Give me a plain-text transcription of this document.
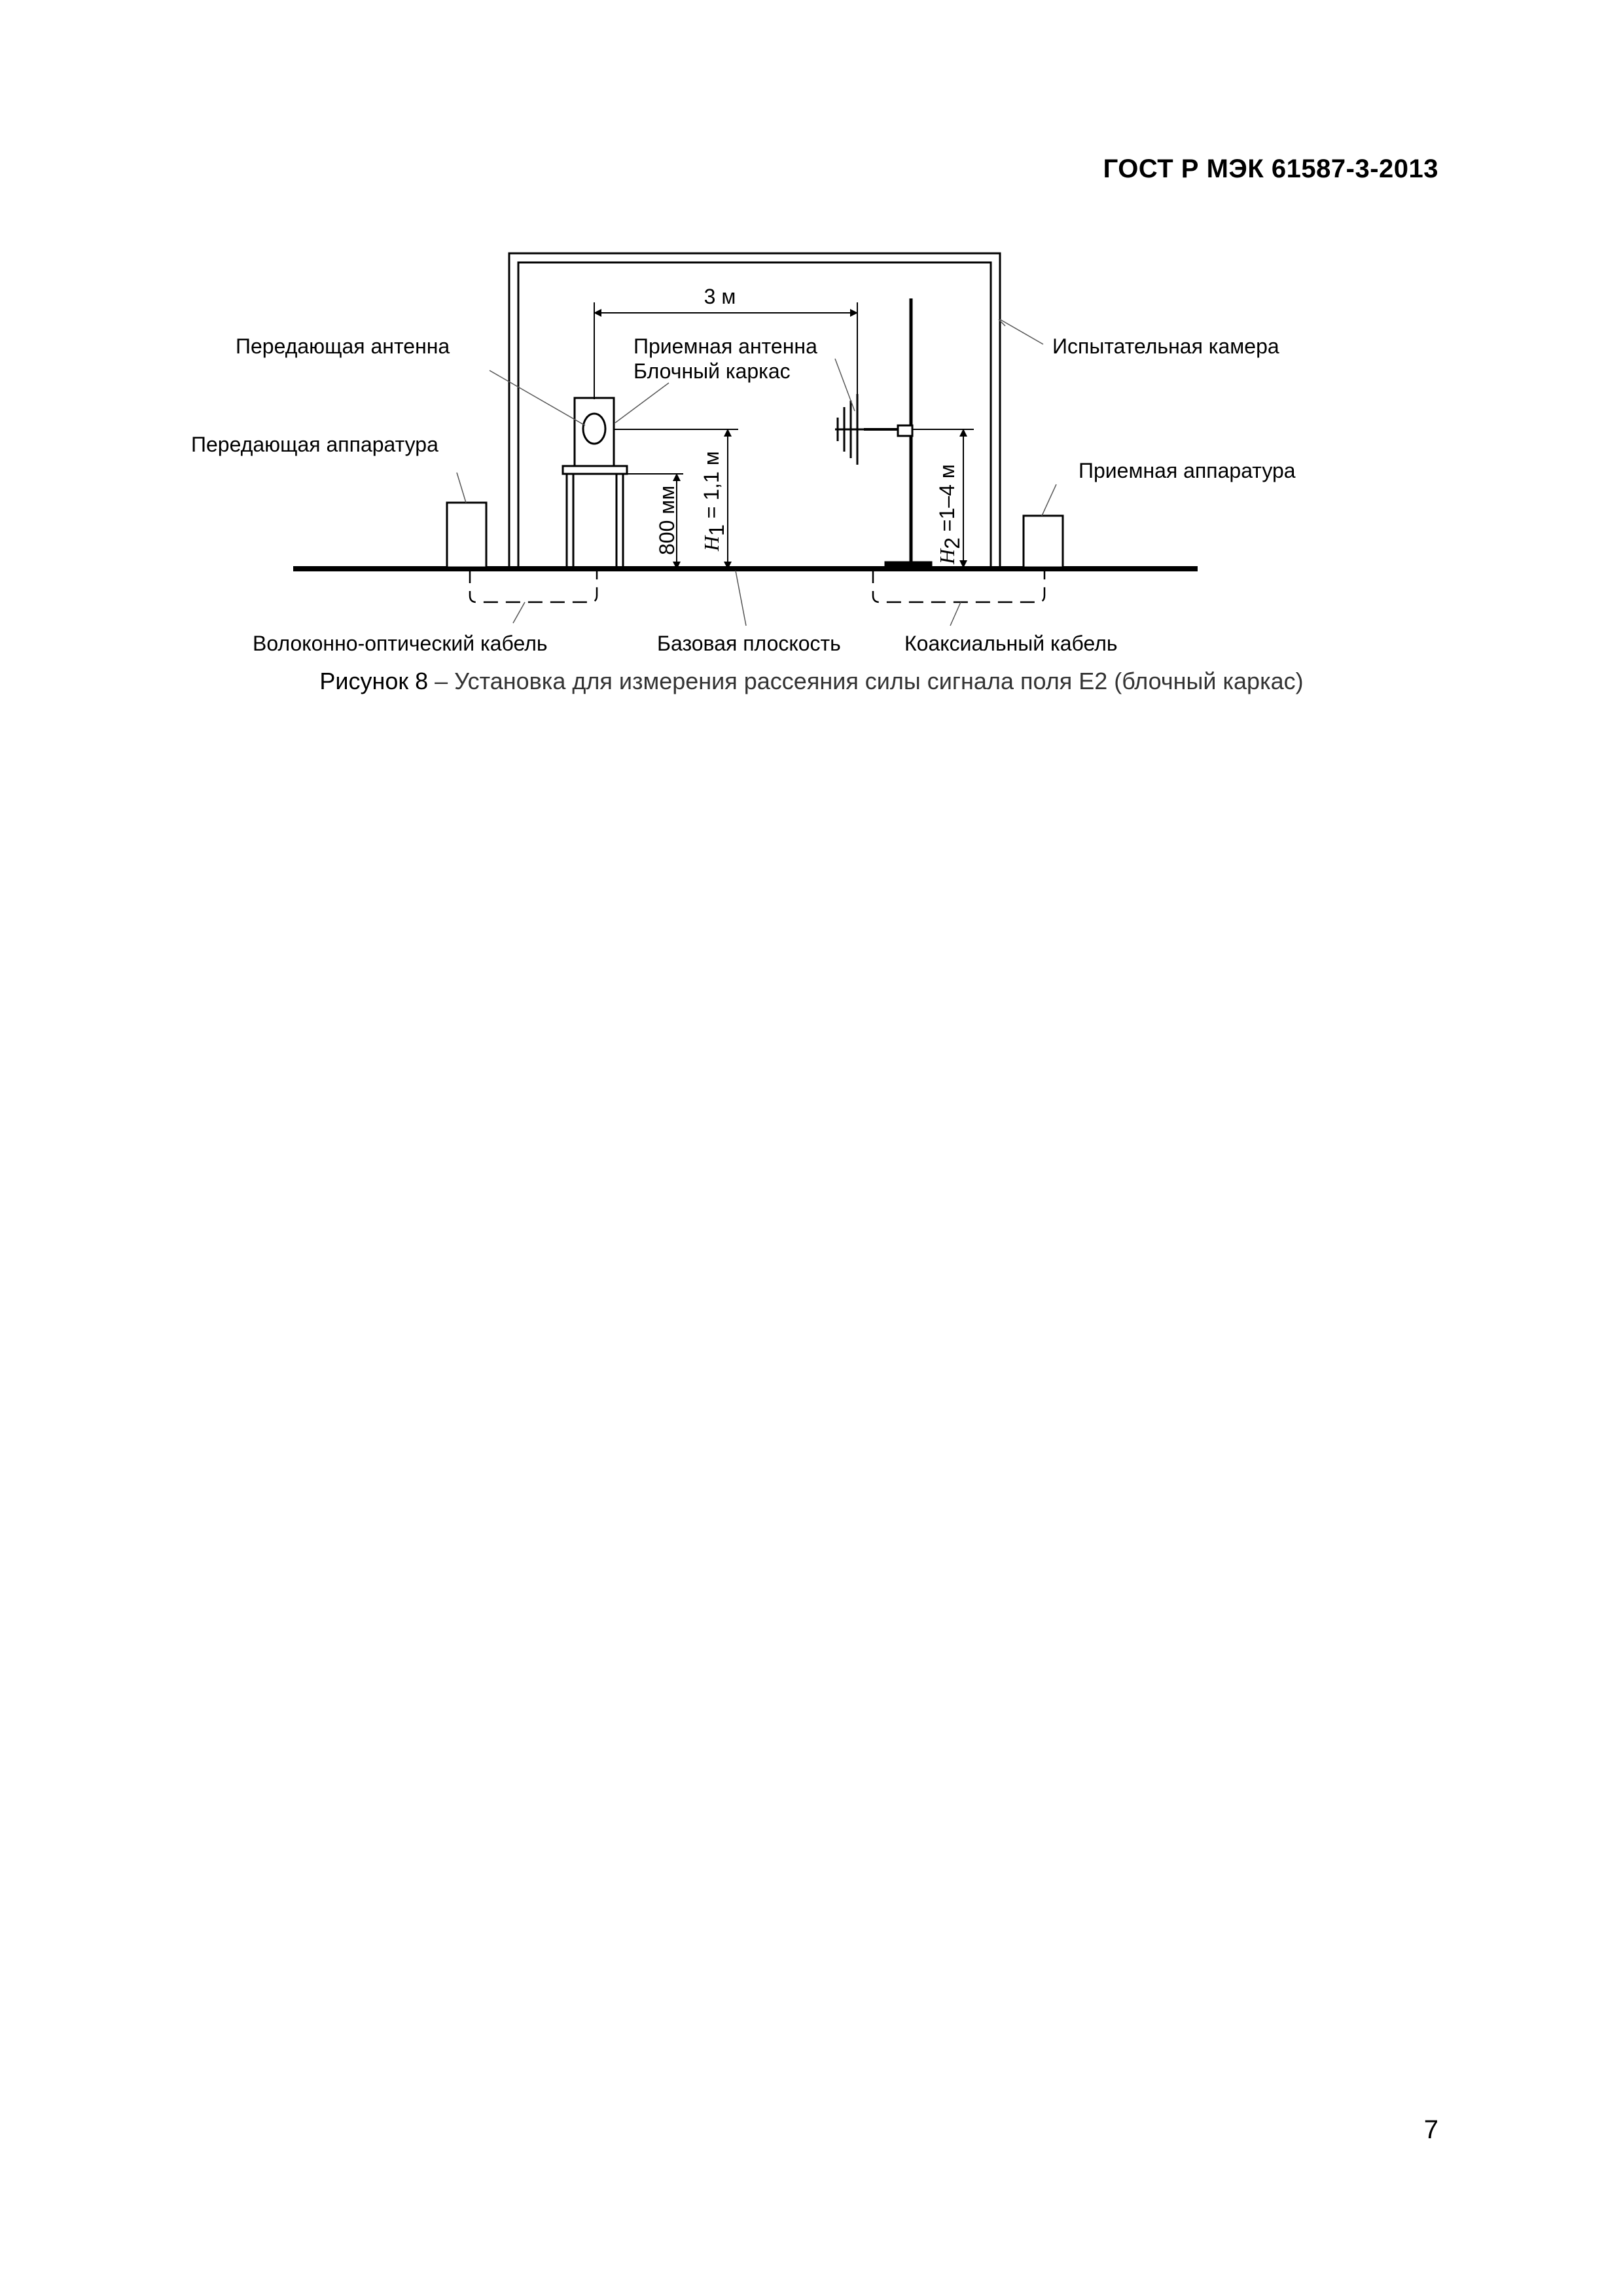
ГОСТ Р МЭК 61587-3-2013
3 м
H1 = 1,1 м
800 мм
H2 =1–4 м
Передающая антенна
Передающая аппаратура
Приемная антенна
Блочный каркас
Испытательная камера
Приемная аппаратура
Волоконно-оптический кабель	Базовая плоскость	Коаксиальный кабель
Рисунок 8 – Установка для измерения рассеяния силы сигнала поля E2 (блочный каркас)
7
